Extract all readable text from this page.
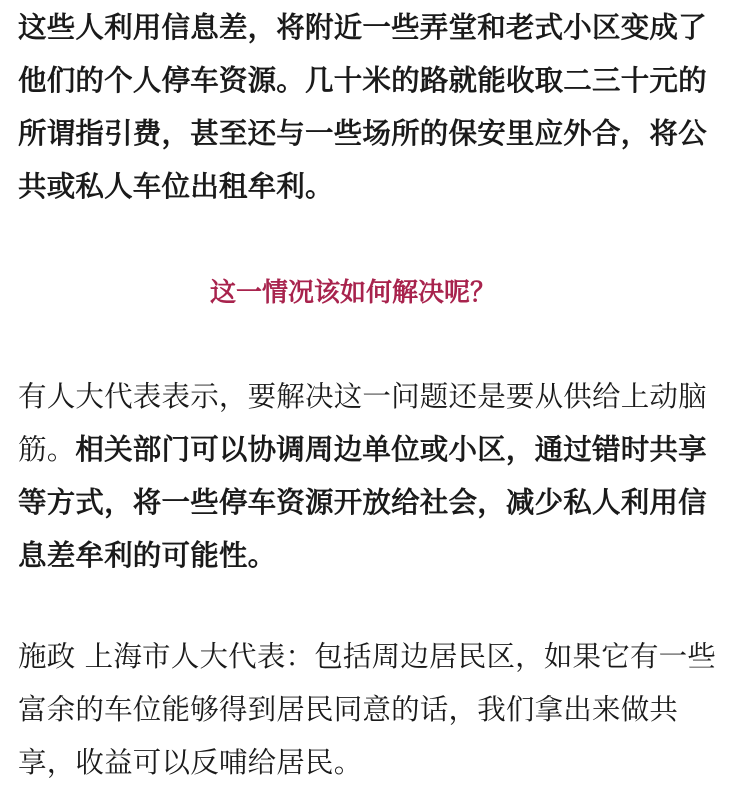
这些人利用信息差，将附近一些弄堂和老式小区变成了他们的个人停车资源。几十米的路就能收取二三十元的所谓指引费，甚至还与一些场所的保安里应外合，将公共或私人车位出租牟利。

这一情况该如何解决呢？

有人大代表表示，要解决这一问题还是要从供给上动脑筋。相关部门可以协调周边单位或小区，通过错时共享等方式，将一些停车资源开放给社会，减少私人利用信息差牟利的可能性。

施政 上海市人大代表：包括周边居民区，如果它有一些富余的车位能够得到居民同意的话，我们拿出来做共享，收益可以反哺给居民。
